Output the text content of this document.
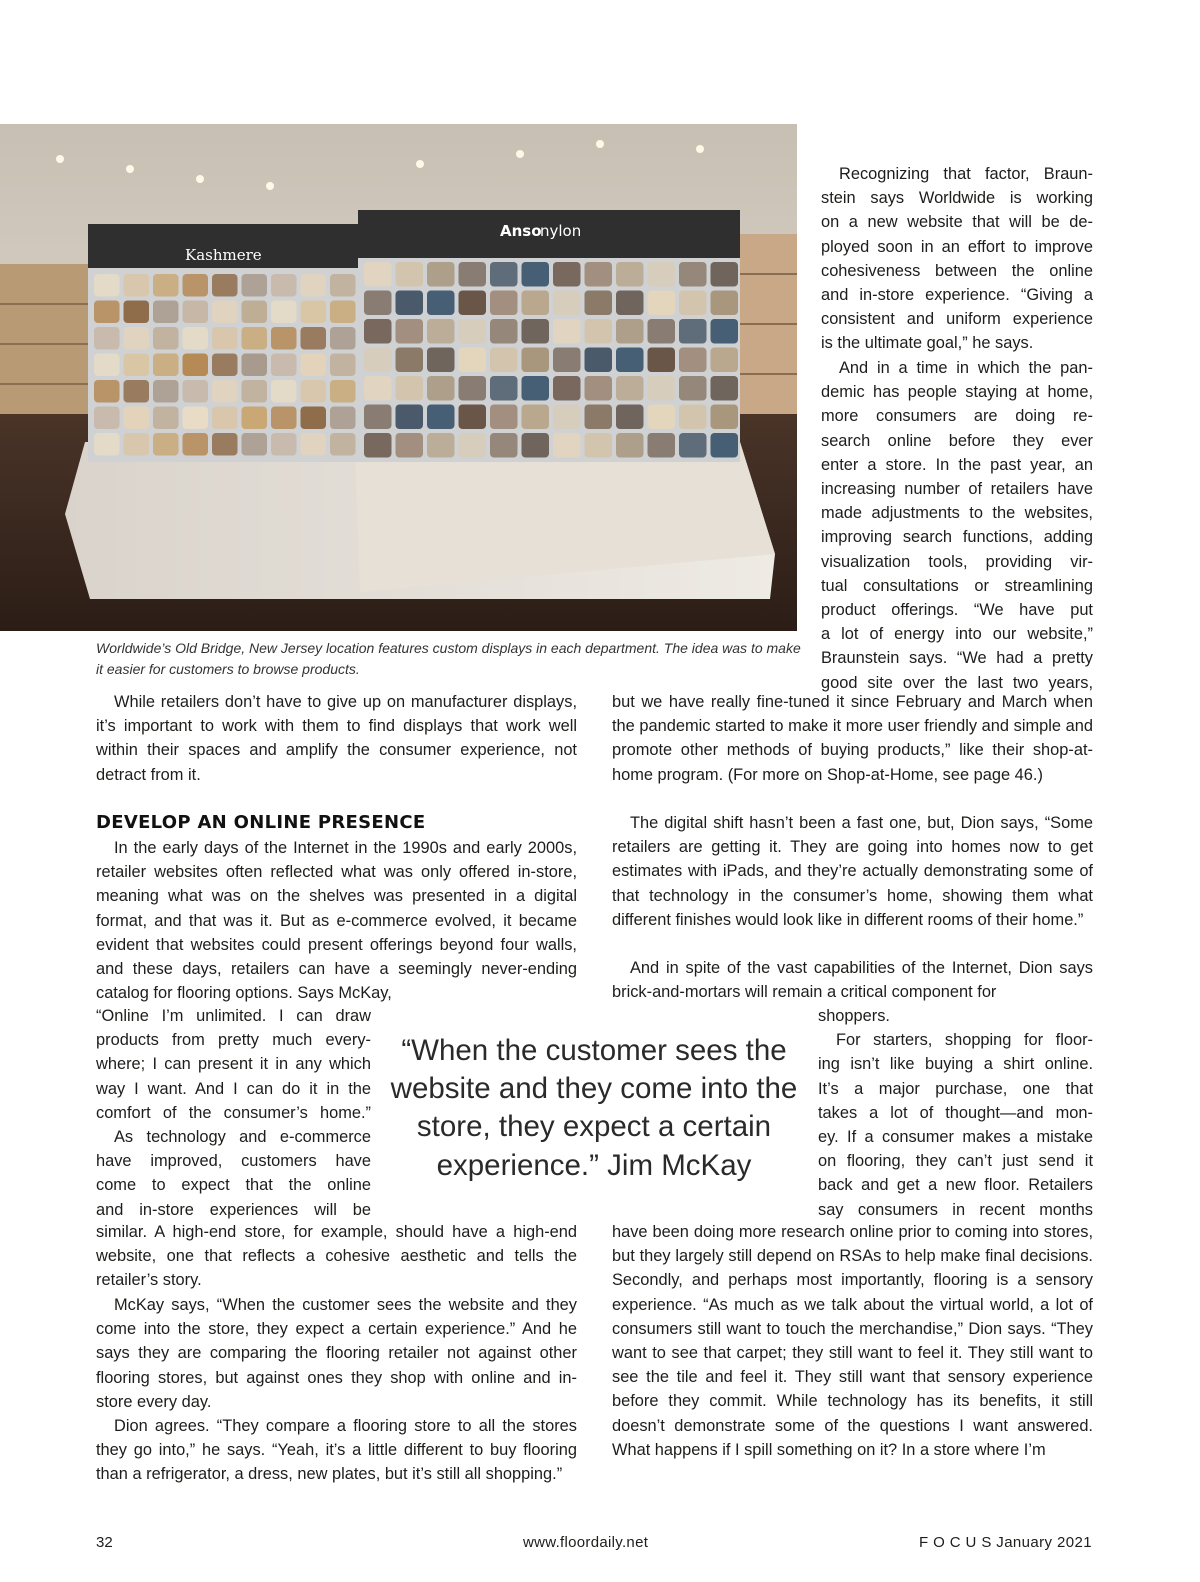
Kashmere
Anso
nylon
Worldwide’s Old Bridge, New Jersey location features custom displays in each department. The idea was to make it easier for customers to browse products.
Recognizing that factor, Braun-
stein says Worldwide is working
on a new website that will be de-
ployed soon in an effort to improve
cohesiveness between the online
and in-store experience. “Giving a
consistent and uniform experience
is the ultimate goal,” he says.
And in a time in which the pan-
demic has people staying at home,
more consumers are doing re-
search online before they ever
enter a store. In the past year, an
increasing number of retailers have
made adjustments to the websites,
improving search functions, adding
visualization tools, providing vir-
tual consultations or streamlining
product offerings. “We have put
a lot of energy into our website,”
Braunstein says. “We had a pretty
good site over the last two years,

While retailers don’t have to give up on manufacturer displays, it’s important to work with them to find displays that work well within their spaces and amplify the consumer experience, not detract from it.

DEVELOP AN ONLINE PRESENCE

In the early days of the Internet in the 1990s and early 2000s, retailer websites often reflected what was only offered in-store, meaning what was on the shelves was presented in a digital format, and that was it. But as e-commerce evolved, it became evident that websites could present offerings beyond four walls, and these days, retailers can have a seemingly never-ending catalog for flooring options. Says McKay,

“Online I’m unlimited. I can draw
products from pretty much every-
where; I can present it in any which
way I want. And I can do it in the
comfort of the consumer’s home.”
As technology and e-commerce
have improved, customers have
come to expect that the online
and in-store experiences will be

similar. A high-end store, for example, should have a high-end website, one that reflects a cohesive aesthetic and tells the retailer’s story.

McKay says, “When the customer sees the website and they come into the store, they expect a certain experience.” And he says they are comparing the flooring retailer not against other flooring stores, but against ones they shop with online and in-store every day.

Dion agrees. “They compare a flooring store to all the stores they go into,” he says. “Yeah, it’s a little different to buy flooring than a refrigerator, a dress, new plates, but it’s still all shopping.”

but we have really fine-tuned it since February and March when the pandemic started to make it more user friendly and simple and promote other methods of buying products,” like their shop-at-home program. (For more on Shop-at-Home, see page 46.)

The digital shift hasn’t been a fast one, but, Dion says, “Some retailers are getting it. They are going into homes now to get estimates with iPads, and they’re actually demonstrating some of that technology in the consumer’s home, showing them what different finishes would look like in different rooms of their home.”

And in spite of the vast capabilities of the Internet, Dion says brick-and-mortars will remain a critical component for

shoppers.
For starters, shopping for floor-
ing isn’t like buying a shirt online.
It’s a major purchase, one that
takes a lot of thought—and mon-
ey. If a consumer makes a mistake
on flooring, they can’t just send it
back and get a new floor. Retailers
say consumers in recent months

have been doing more research online prior to coming into stores, but they largely still depend on RSAs to help make final decisions. Secondly, and perhaps most importantly, flooring is a sensory experience. “As much as we talk about the virtual world, a lot of consumers still want to touch the merchandise,” Dion says. “They want to see that carpet; they still want to feel it. They still want to see the tile and feel it. They still want that sensory experience before they commit. While technology has its benefits, it still doesn’t demonstrate some of the questions I want answered. What happens if I spill something on it? In a store where I’m

“When the customer sees the website and they come into the store, they expect a certain experience.” Jim McKay
32	www.floordaily.net	F O C U S January 2021
